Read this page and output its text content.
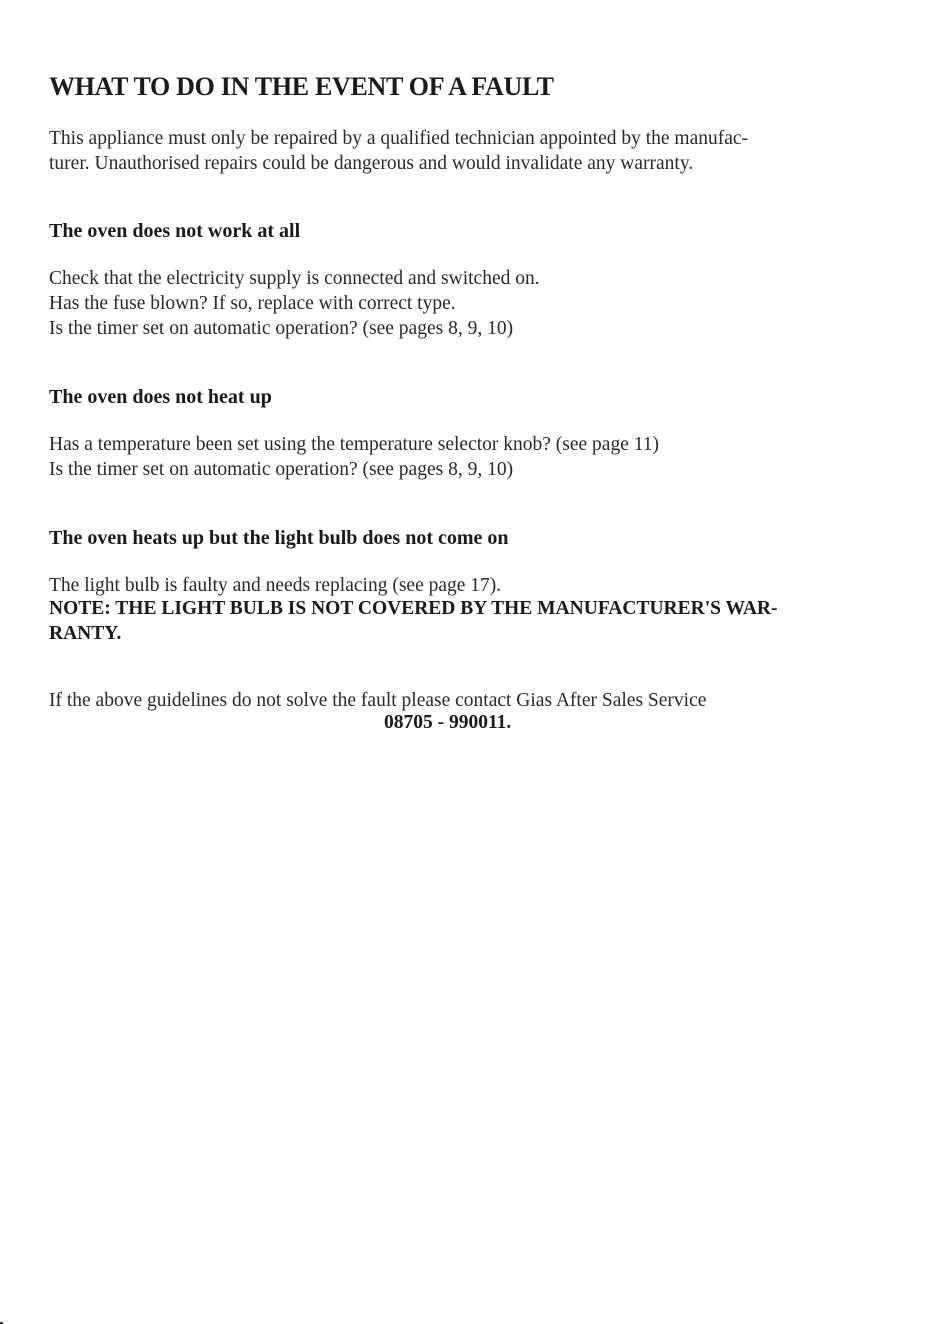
WHAT TO DO IN THE EVENT OF A FAULT

This appliance must only be repaired by a qualified technician appointed by the manufac-
turer. Unauthorised repairs could be dangerous and would invalidate any warranty.

The oven does not work at all

Check that the electricity supply is connected and switched on.
Has the fuse blown? If so, replace with correct type.
Is the timer set on automatic operation? (see pages 8, 9, 10)

The oven does not heat up

Has a temperature been set using the temperature selector knob? (see page 11)
Is the timer set on automatic operation? (see pages 8, 9, 10)

The oven heats up but the light bulb does not come on

The light bulb is faulty and needs replacing (see page 17).

NOTE: THE LIGHT BULB IS NOT COVERED BY THE MANUFACTURER'S WAR-
RANTY.

If the above guidelines do not solve the fault please contact Gias After Sales Service

08705 - 990011.
